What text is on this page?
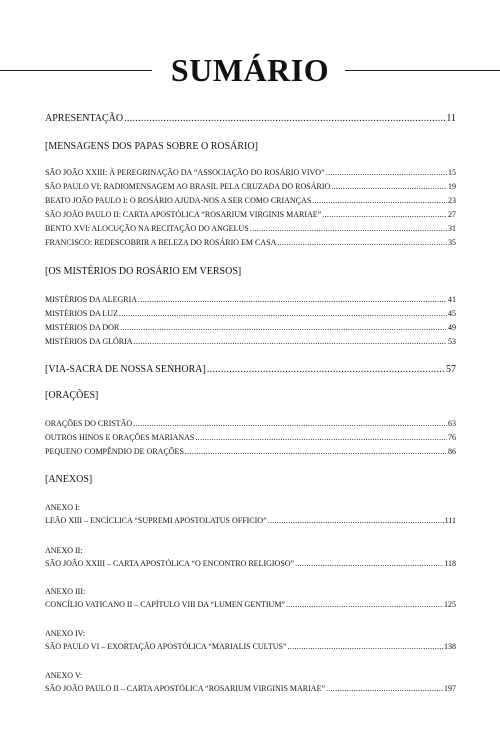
SUMÁRIO
APRESENTAÇÃO .....	11
[MENSAGENS DOS PAPAS SOBRE O ROSÁRIO]
SÃO JOÃO XXIII: À PEREGRINAÇÃO DA “ASSOCIAÇÃO DO ROSÁRIO VIVO” .....	15
SÃO PAULO VI: RADIOMENSAGEM AO BRASIL PELA CRUZADA DO ROSÁRIO .....	19
BEATO JOÃO PAULO I: O ROSÁRIO AJUDA-NOS A SER COMO CRIANÇAS .....	23
SÃO JOÃO PAULO II: CARTA APOSTÓLICA “ROSARIUM VIRGINIS MARIAE” .....	27
BENTO XVI: ALOCUÇÃO NA RECITAÇÃO DO ANGELUS .....	31
FRANCISCO: REDESCOBRIR A BELEZA DO ROSÁRIO EM CASA .....	35
[OS MISTÉRIOS DO ROSÁRIO EM VERSOS]
MISTÉRIOS DA ALEGRIA .....	41
MISTÉRIOS DA LUZ .....	45
MISTÉRIOS DA DOR .....	49
MISTÉRIOS DA GLÓRIA .....	53
[VIA-SACRA DE NOSSA SENHORA] .....	57
[ORAÇÕES]
ORAÇÕES DO CRISTÃO .....	63
OUTROS HINOS E ORAÇÕES MARIANAS .....	76
PEQUENO COMPÊNDIO DE ORAÇÕES .....	86
[ANEXOS]
ANEXO I:
LEÃO XIII – ENCÍCLICA “SUPREMI APOSTOLATUS OFFICIO” .....	111
ANEXO II:
SÃO JOÃO XXIII – CARTA APOSTÓLICA “O ENCONTRO RELIGIOSO” .....	118
ANEXO III:
CONCÍLIO VATICANO II – CAPÍTULO VIII DA “LUMEN GENTIUM” .....	125
ANEXO IV:
SÃO PAULO VI – EXORTAÇÃO APOSTÓLICA “MARIALIS CULTUS” .....	138
ANEXO V:
SÃO JOÃO PAULO II – CARTA APOSTÓLICA “ROSARIUM VIRGINIS MARIAE” .....	197
